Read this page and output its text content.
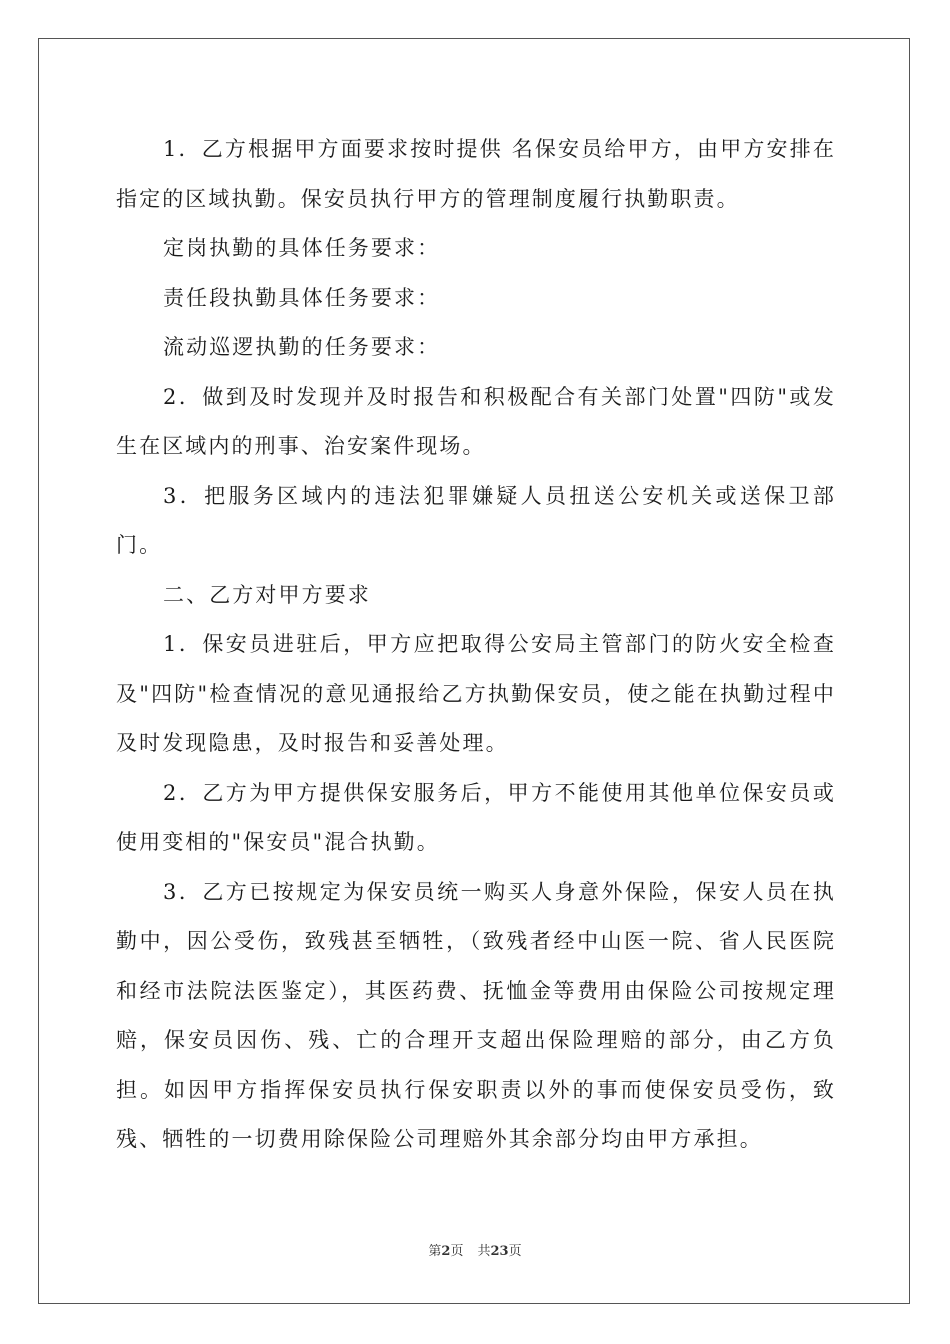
1．乙方根据甲方面要求按时提供 名保安员给甲方，由甲方安排在指定的区域执勤。保安员执行甲方的管理制度履行执勤职责。

定岗执勤的具体任务要求：

责任段执勤具体任务要求：

流动巡逻执勤的任务要求：

2．做到及时发现并及时报告和积极配合有关部门处置"四防"或发生在区域内的刑事、治安案件现场。

3．把服务区域内的违法犯罪嫌疑人员扭送公安机关或送保卫部门。

二、乙方对甲方要求

1．保安员进驻后，甲方应把取得公安局主管部门的防火安全检查及"四防"检查情况的意见通报给乙方执勤保安员，使之能在执勤过程中及时发现隐患，及时报告和妥善处理。

2．乙方为甲方提供保安服务后，甲方不能使用其他单位保安员或使用变相的"保安员"混合执勤。

3．乙方已按规定为保安员统一购买人身意外保险，保安人员在执勤中，因公受伤，致残甚至牺牲，（致残者经中山医一院、省人民医院和经市法院法医鉴定），其医药费、抚恤金等费用由保险公司按规定理赔，保安员因伤、残、亡的合理开支超出保险理赔的部分，由乙方负担。如因甲方指挥保安员执行保安职责以外的事而使保安员受伤，致残、牺牲的一切费用除保险公司理赔外其余部分均由甲方承担。

第2页 共23页
